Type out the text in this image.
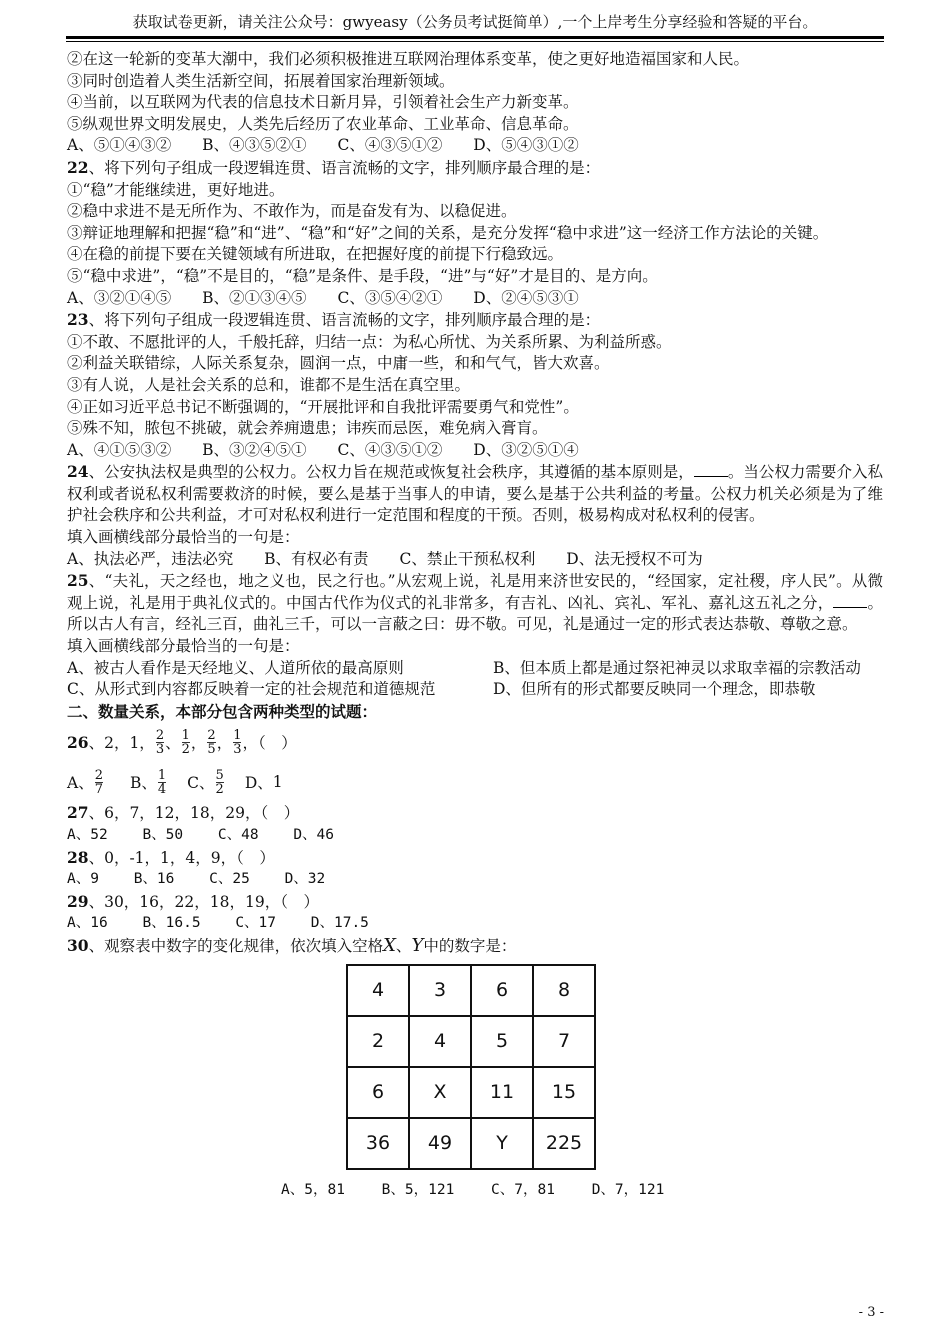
获取试卷更新，请关注公众号：gwyeasy（公务员考试挺简单）,一个上岸考生分享经验和答疑的平台。
②在这一轮新的变革大潮中，我们必须积极推进互联网治理体系变革，使之更好地造福国家和人民。
③同时创造着人类生活新空间，拓展着国家治理新领域。
④当前，以互联网为代表的信息技术日新月异，引领着社会生产力新变革。
⑤纵观世界文明发展史，人类先后经历了农业革命、工业革命、信息革命。
A、⑤①④③② B、④③⑤②① C、④③⑤①② D、⑤④③①②
22、将下列句子组成一段逻辑连贯、语言流畅的文字，排列顺序最合理的是：
①“稳”才能继续进，更好地进。
②稳中求进不是无所作为、不敢作为，而是奋发有为、以稳促进。
③辩证地理解和把握“稳”和“进”、“稳”和“好”之间的关系，是充分发挥“稳中求进”这一经济工作方法论的关键。
④在稳的前提下要在关键领域有所进取，在把握好度的前提下行稳致远。
⑤“稳中求进”，“稳”不是目的，“稳”是条件、是手段，“进”与“好”才是目的、是方向。
A、③②①④⑤ B、②①③④⑤ C、③⑤④②① D、②④⑤③①
23、将下列句子组成一段逻辑连贯、语言流畅的文字，排列顺序最合理的是：
①不敢、不愿批评的人，千般托辞，归结一点：为私心所忧、为关系所累、为利益所惑。
②利益关联错综，人际关系复杂，圆润一点，中庸一些，和和气气，皆大欢喜。
③有人说，人是社会关系的总和，谁都不是生活在真空里。
④正如习近平总书记不断强调的，“开展批评和自我批评需要勇气和党性”。
⑤殊不知，脓包不挑破，就会养痈遗患；讳疾而忌医，难免病入膏肓。
A、④①⑤③② B、③②④⑤① C、④③⑤①② D、③②⑤①④
24、公安执法权是典型的公权力。公权力旨在规范或恢复社会秩序，其遵循的基本原则是， 。当公权力需要介入私权利或者说私权利需要救济的时候，要么是基于当事人的申请，要么是基于公共利益的考量。公权力机关必须是为了维护社会秩序和公共利益，才可对私权利进行一定范围和程度的干预。否则，极易构成对私权利的侵害。
填入画横线部分最恰当的一句是：
A、执法必严，违法必究 B、有权必有责 C、禁止干预私权利 D、法无授权不可为
25、“夫礼，天之经也，地之义也，民之行也。”从宏观上说，礼是用来济世安民的，“经国家，定社稷，序人民”。从微观上说，礼是用于典礼仪式的。中国古代作为仪式的礼非常多，有吉礼、凶礼、宾礼、军礼、嘉礼这五礼之分， 。所以古人有言，经礼三百，曲礼三千，可以一言蔽之曰：毋不敬。可见，礼是通过一定的形式表达恭敬、尊敬之意。
填入画横线部分最恰当的一句是：
A、被古人看作是天经地义、人道所依的最高原则	B、但本质上都是通过祭祀神灵以求取幸福的宗教活动
C、从形式到内容都反映着一定的社会规范和道德规范	D、但所有的形式都要反映同一个理念，即恭敬
二、数量关系，本部分包含两种类型的试题：
26 、2，1， $\frac{2}{3}$ 、 $\frac{1}{2}$ ， $\frac{2}{5}$ ， $\frac{1}{3}$ ，（　）
A、 $\frac{2}{7}$ B、 $\frac{1}{4}$ C、 $\frac{5}{2}$ D、 1
27、6，7，12，18，29，（　）
A、52 B、50 C、48 D、46
28、0，-1，1，4，9，（　）
A、9 B、16 C、25 D、32
29、30，16，22，18，19，（　）
A、16 B、16.5 C、17 D、17.5
30、观察表中数字的变化规律，依次填入空格X、Y中的数字是：
4	3	6	8
2	4	5	7
6	X	11	15
36	49	Y	225
A、5，81	B、5，121	C、7，81	D、7，121
- 3 -
